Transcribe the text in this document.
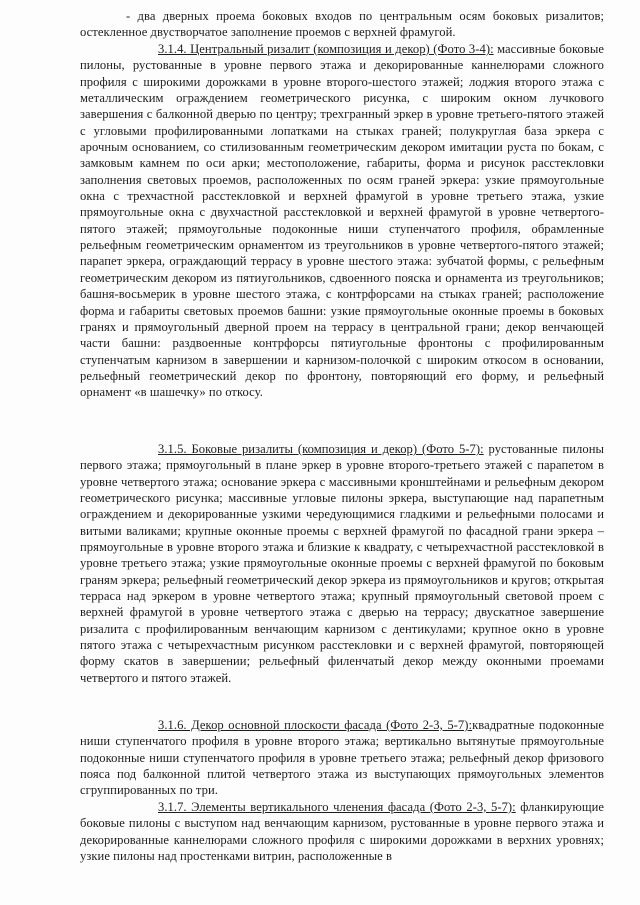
- два дверных проема боковых входов по центральным осям боковых ризалитов; остекленное двустворчатое заполнение проемов с верхней фрамугой.

3.1.4. Центральный ризалит (композиция и декор) (Фото 3-4): массивные боковые пилоны, рустованные в уровне первого этажа и декорированные каннелюрами сложного профиля с широкими дорожками в уровне второго-шестого этажей; лоджия второго этажа с металлическим ограждением геометрического рисунка, с широким окном лучкового завершения с балконной дверью по центру; трехгранный эркер в уровне третьего-пятого этажей с угловыми профилированными лопатками на стыках граней; полукруглая база эркера с арочным основанием, со стилизованным геометрическим декором имитации руста по бокам, с замковым камнем по оси арки; местоположение, габариты, форма и рисунок расстекловки заполнения световых проемов, расположенных по осям граней эркера: узкие прямоугольные окна с трехчастной расстекловкой и верхней фрамугой в уровне третьего этажа, узкие прямоугольные окна с двухчастной расстекловкой и верхней фрамугой в уровне четвертого-пятого этажей; прямоугольные подоконные ниши ступенчатого профиля, обрамленные рельефным геометрическим орнаментом из треугольников в уровне четвертого-пятого этажей; парапет эркера, ограждающий террасу в уровне шестого этажа: зубчатой формы, с рельефным геометрическим декором из пятиугольников, сдвоенного пояска и орнамента из треугольников; башня-восьмерик в уровне шестого этажа, с контрфорсами на стыках граней; расположение форма и габариты световых проемов башни: узкие прямоугольные оконные проемы в боковых гранях и прямоугольный дверной проем на террасу в центральной грани; декор венчающей части башни: раздвоенные контрфорсы пятиугольные фронтоны с профилированным ступенчатым карнизом в завершении и карнизом-полочкой с широким откосом в основании, рельефный геометрический декор по фронтону, повторяющий его форму, и рельефный орнамент «в шашечку» по откосу.

3.1.5. Боковые ризалиты (композиция и декор) (Фото 5-7): рустованные пилоны первого этажа; прямоугольный в плане эркер в уровне второго-третьего этажей с парапетом в уровне четвертого этажа; основание эркера с массивными кронштейнами и рельефным декором геометрического рисунка; массивные угловые пилоны эркера, выступающие над парапетным ограждением и декорированные узкими чередующимися гладкими и рельефными полосами и витыми валиками; крупные оконные проемы с верхней фрамугой по фасадной грани эркера – прямоугольные в уровне второго этажа и близкие к квадрату, с четырехчастной расстекловкой в уровне третьего этажа; узкие прямоугольные оконные проемы с верхней фрамугой по боковым граням эркера; рельефный геометрический декор эркера из прямоугольников и кругов; открытая терраса над эркером в уровне четвертого этажа; крупный прямоугольный световой проем с верхней фрамугой в уровне четвертого этажа с дверью на террасу; двускатное завершение ризалита с профилированным венчающим карнизом с дентикулами; крупное окно в уровне пятого этажа с четырехчастным рисунком расстекловки и с верхней фрамугой, повторяющей форму скатов в завершении; рельефный филенчатый декор между оконными проемами четвертого и пятого этажей.

3.1.6. Декор основной плоскости фасада (Фото 2-3, 5-7):квадратные подоконные ниши ступенчатого профиля в уровне второго этажа; вертикально вытянутые прямоугольные подоконные ниши ступенчатого профиля в уровне третьего этажа; рельефный декор фризового пояса под балконной плитой четвертого этажа из выступающих прямоугольных элементов сгруппированных по три.

3.1.7. Элементы вертикального членения фасада (Фото 2-3, 5-7): фланкирующие боковые пилоны с выступом над венчающим карнизом, рустованные в уровне первого этажа и декорированные каннелюрами сложного профиля с широкими дорожками в верхних уровнях; узкие пилоны над простенками витрин, расположенные в
